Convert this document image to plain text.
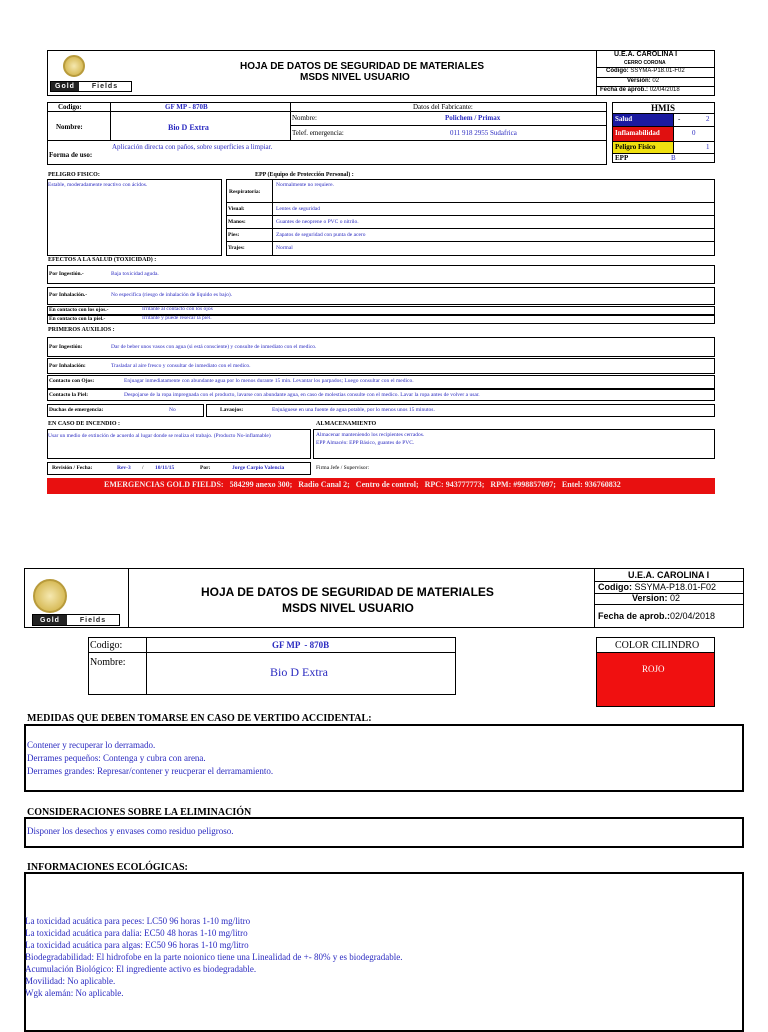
Gold	Fields
HOJA DE DATOS DE SEGURIDAD DE MATERIALES
MSDS NIVEL USUARIO
U.E.A. CAROLINA I
CERRO CORONA
Código: SSYMA-P18.01-F02
Versión: 02
Fecha de aprob.: 02/04/2018
Codigo:	GF MP - 870B
Nombre:	Bio D Extra
Datos del Fabricante:
Nombre:	Polichem / Primax
Telef. emergencia:	011 918 2955 Sudafrica
Forma de uso:
Aplicación directa con paños, sobre superficies a limpiar.
HMIS
Salud	-	2
Inflamabilidad	0
Peligro Fisico	1
EPP	B
PELIGRO FISICO:	EPP (Equipo de Protección Personal) :
Estable, moderadamente reactivo con ácidos.
Respiratoria:
Normalmente no requiere.
Visual:	Lentes de seguridad
Manos:	Guantes de neoprene o PVC o nitrilo.
Pies:	Zapatos de seguridad con punta de acero
Trajes:	Normal
EFECTOS A LA SALUD (TOXICIDAD) :
Por Ingestión.-	Baja toxicidad aguda.
Por Inhalación.-	No especifica (riesgo de inhalación de líquido es bajo).
En contacto con los ojos.-	Irritante al contacto con los ojos
En contacto con la piel.-	Irritante y puede resecar la piel.
PRIMEROS AUXILIOS :
Por Ingestión:	Dar de beber unos vasos con agua (si está consciente) y consulte de inmediato con el medico.
Por Inhalación:	Trasladar al aire fresco y consultar de inmediato con el medico.
Contacto con Ojos:	Enjuagar inmediatamente con abundante agua por lo menos durante 15 min. Levantar los parpados; Luego consultar con el medico.
Contacto la Piel:	Despojarse de la ropa impregnada con el producto, lavarse con abundante agua, en caso de molestias consulte con el medico. Lavar la ropa antes de volver a usar.
Duchas de emergencia:	No	Lavaojos:	Enjuáguese en una fuente de agua potable, por lo menos unos 15 minutos.
EN CASO DE INCENDIO :	ALMACENAMIENTO
Usar un medio de extinción de acuerdo al lugar donde se realiza el trabajo. (Producto No-inflamable)	Almacenar manteniendo los recipientes cerrados.
EPP Almacén: EPP Básico, guantes de PVC.
Revisión / Fecha:	Rev-3 / 10/11/15	Por:	Jorge Carpio Valencia	Firma Jefe / Supervisor:
EMERGENCIAS GOLD FIELDS:   584299 anexo 300;   Radio Canal 2;   Centro de control;   RPC: 943777773;   RPM: #998857097;   Entel: 936760832
Gold	Fields
HOJA DE DATOS DE SEGURIDAD DE MATERIALES
MSDS NIVEL USUARIO
U.E.A. CAROLINA I
Codigo: SSYMA-P18.01-F02
Version: 02
Fecha de aprob.:02/04/2018
Codigo:	GF MP  - 870B
Nombre:
Bio D Extra
COLOR CILINDRO
ROJO
MEDIDAS QUE DEBEN TOMARSE EN CASO DE VERTIDO ACCIDENTAL:
Contener y recuperar lo derramado.
Derrames pequeños: Contenga y cubra con arena.
Derrames grandes: Represar/contener y reucperar el derramamiento.
CONSIDERACIONES SOBRE LA ELIMINACIÓN
Disponer los desechos y envases como residuo peligroso.
INFORMACIONES ECOLÓGICAS:
La toxicidad acuática para peces: LC50 96 horas 1-10 mg/litro
La toxicidad acuática para dalia: EC50 48 horas 1-10 mg/litro
La toxicidad acuática para algas: EC50 96 horas 1-10 mg/litro
Biodegradabilidad: El hidrofobe en la parte noionico tiene una Linealidad de +- 80% y es biodegradable.
Acumulación Biológico: El ingrediente activo es biodegradable.
Movilidad: No aplicable.
Wgk alemán: No aplicable.
